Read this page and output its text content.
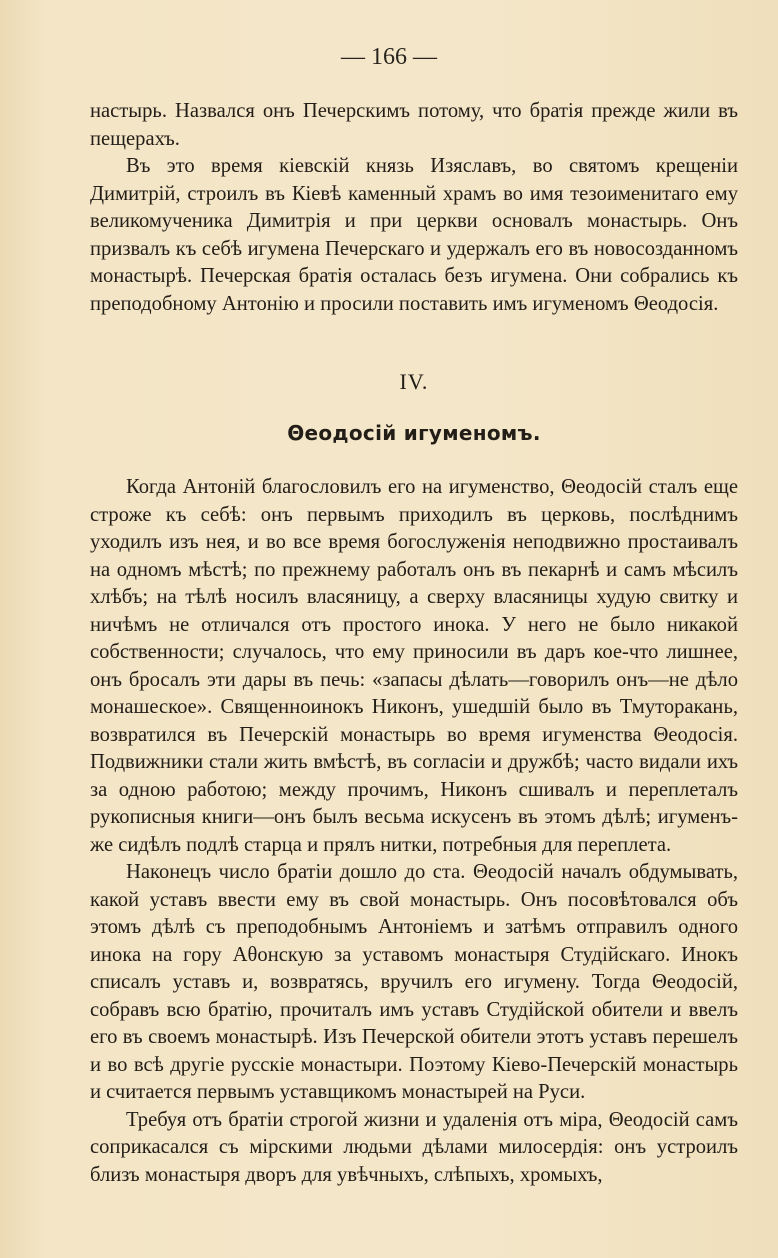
— 166 —

настырь. Назвался онъ Печерскимъ потому, что братія прежде жили въ пещерахъ.

Въ это время кіевскій князь Изяславъ, во святомъ крещеніи Димитрій, строилъ въ Кіевѣ каменный храмъ во имя тезоименитаго ему великомученика Димитрія и при церкви основалъ монастырь. Онъ призвалъ къ себѣ игумена Печерскаго и удержалъ его въ новосозданномъ монастырѣ. Печерская братія осталась безъ игумена. Они собрались къ преподобному Антонію и просили поставить имъ игуменомъ Θеодосія.

IV.
Θеодосій игуменомъ.

Когда Антоній благословилъ его на игуменство, Θеодосій сталъ еще строже къ себѣ: онъ первымъ приходилъ въ церковь, послѣднимъ уходилъ изъ нея, и во все время богослуженія неподвижно простаивалъ на одномъ мѣстѣ; по прежнему работалъ онъ въ пекарнѣ и самъ мѣсилъ хлѣбъ; на тѣлѣ носилъ власяницу, а сверху власяницы худую свитку и ничѣмъ не отличался отъ простого инока. У него не было никакой собственности; случалось, что ему приносили въ даръ кое-что лишнее, онъ бросалъ эти дары въ печь: «запасы дѣлать—говорилъ онъ—не дѣло монашеское». Священноинокъ Никонъ, ушедшій было въ Тмуторакань, возвратился въ Печерскій монастырь во время игуменства Θеодосія. Подвижники стали жить вмѣстѣ, въ согласіи и дружбѣ; часто видали ихъ за одною работою; между прочимъ, Никонъ сшивалъ и переплеталъ рукописныя книги—онъ былъ весьма искусенъ въ этомъ дѣлѣ; игуменъ-же сидѣлъ подлѣ старца и прялъ нитки, потребныя для переплета.

Наконецъ число братіи дошло до ста. Θеодосій началъ обдумывать, какой уставъ ввести ему въ свой монастырь. Онъ посовѣтовался объ этомъ дѣлѣ съ преподобнымъ Антоніемъ и затѣмъ отправилъ одного инока на гору Аθонскую за уставомъ монастыря Студійскаго. Инокъ списалъ уставъ и, возвратясь, вручилъ его игумену. Тогда Θеодосій, собравъ всю братію, прочиталъ имъ уставъ Студійской обители и ввелъ его въ своемъ монастырѣ. Изъ Печерской обители этотъ уставъ перешелъ и во всѣ другіе русскіе монастыри. Поэтому Кіево-Печерскій монастырь и считается первымъ уставщикомъ монастырей на Руси.

Требуя отъ братіи строгой жизни и удаленія отъ міра, Θеодосій самъ соприкасался съ мірскими людьми дѣлами милосердія: онъ устроилъ близъ монастыря дворъ для увѣчныхъ, слѣпыхъ, хромыхъ,
